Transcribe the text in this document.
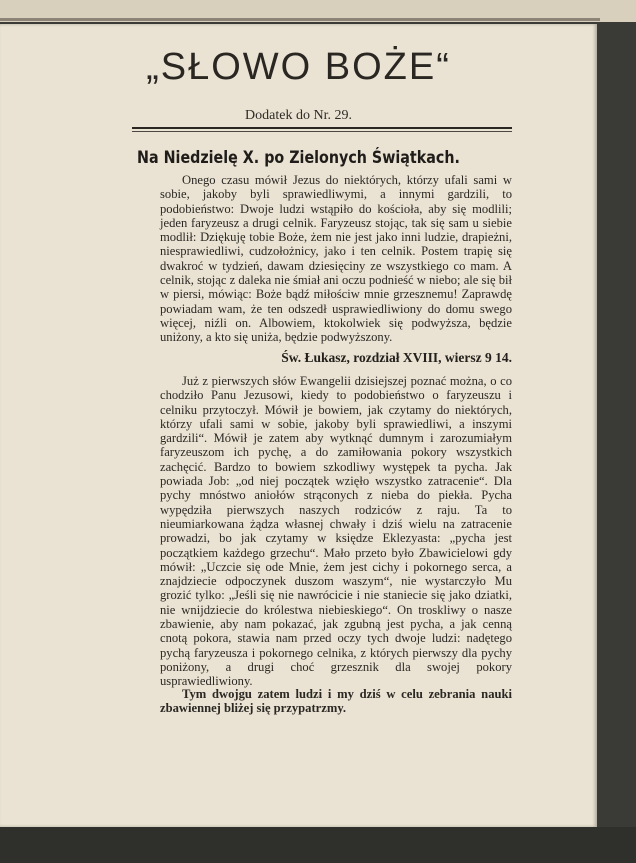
„SŁOWO BOŻE“
Dodatek do Nr. 29.
Na Niedzielę X. po Zielonych Świątkach.

Onego czasu mówił Jezus do niektórych, którzy ufali sami w sobie, jakoby byli sprawiedliwymi, a innymi gardzili, to podobieństwo: Dwoje ludzi wstąpiło do kościoła, aby się modlili; jeden faryzeusz a drugi celnik. Faryzeusz stojąc, tak się sam u siebie modlił: Dziękuję tobie Boże, żem nie jest jako inni ludzie, drapieżni, niesprawiedliwi, cudzołożnicy, jako i ten celnik. Postem trapię się dwakroć w tydzień, dawam dziesięciny ze wszystkiego co mam. A celnik, stojąc z daleka nie śmiał ani oczu podnieść w niebo; ale się bił w piersi, mówiąc: Boże bądź miłościw mnie grzesznemu! Zaprawdę powiadam wam, że ten odszedł usprawiedliwiony do domu swego więcej, niźli on. Albowiem, ktokolwiek się podwyższa, będzie uniżony, a kto się uniża, będzie podwyższony.

Św. Łukasz, rozdział XVIII, wiersz 9 14.

Już z pierwszych słów Ewangelii dzisiejszej poznać można, o co chodziło Panu Jezusowi, kiedy to podobieństwo o faryzeuszu i celniku przytoczył. Mówił je bowiem, jak czytamy do niektórych, którzy ufali sami w sobie, jakoby byli sprawiedliwi, a inszymi gardzili“. Mówił je zatem aby wytknąć dumnym i zarozumiałym faryzeuszom ich pychę, a do zamiłowania pokory wszystkich zachęcić. Bardzo to bowiem szkodliwy występek ta pycha. Jak powiada Job: „od niej początek wzięło wszystko zatracenie“. Dla pychy mnóstwo aniołów strąconych z nieba do piekła. Pycha wypędziła pierwszych naszych rodziców z raju. Ta to nieumiarkowana żądza własnej chwały i dziś wielu na zatracenie prowadzi, bo jak czytamy w księdze Eklezyasta: „pycha jest początkiem każdego grzechu“. Mało przeto było Zbawicielowi gdy mówił: „Uczcie się ode Mnie, żem jest cichy i pokornego serca, a znajdziecie odpoczynek duszom waszym“, nie wystarczyło Mu grozić tylko: „Jeśli się nie nawrócicie i nie staniecie się jako dziatki, nie wnijdziecie do królestwa niebieskiego“. On troskliwy o nasze zbawienie, aby nam pokazać, jak zgubną jest pycha, a jak cenną cnotą pokora, stawia nam przed oczy tych dwoje ludzi: nadętego pychą faryzeusza i pokornego celnika, z których pierwszy dla pychy poniżony, a drugi choć grzesznik dla swojej pokory usprawiedliwiony.

Tym dwojgu zatem ludzi i my dziś w celu zebrania nauki zbawiennej bliżej się przypatrzmy.
